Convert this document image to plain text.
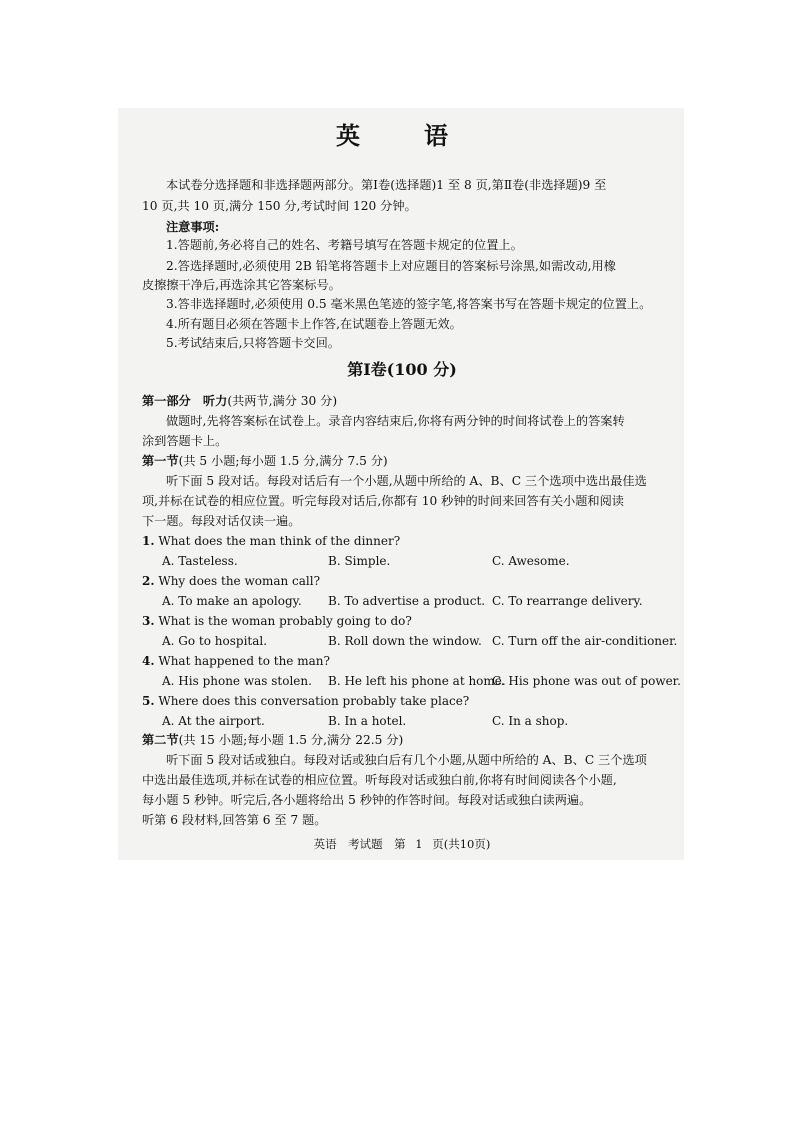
英　语
本试卷分选择题和非选择题两部分。第Ⅰ卷(选择题)1 至 8 页,第Ⅱ卷(非选择题)9 至
10 页,共 10 页,满分 150 分,考试时间 120 分钟。
注意事项:
1.答题前,务必将自己的姓名、考籍号填写在答题卡规定的位置上。
2.答选择题时,必须使用 2B 铅笔将答题卡上对应题目的答案标号涂黑,如需改动,用橡
皮擦擦干净后,再选涂其它答案标号。
3.答非选择题时,必须使用 0.5 毫米黑色笔迹的签字笔,将答案书写在答题卡规定的位置上。
4.所有题目必须在答题卡上作答,在试题卷上答题无效。
5.考试结束后,只将答题卡交回。
第Ⅰ卷(100 分)
第一部分　听力(共两节,满分 30 分)
做题时,先将答案标在试卷上。录音内容结束后,你将有两分钟的时间将试卷上的答案转
涂到答题卡上。
第一节(共 5 小题;每小题 1.5 分,满分 7.5 分)
听下面 5 段对话。每段对话后有一个小题,从题中所给的 A、B、C 三个选项中选出最佳选
项,并标在试卷的相应位置。听完每段对话后,你都有 10 秒钟的时间来回答有关小题和阅读
下一题。每段对话仅读一遍。
1. What does the man think of the dinner?
A. Tasteless.	B. Simple.	C. Awesome.
2. Why does the woman call?
A. To make an apology. B. To advertise a product. C. To rearrange delivery.
3. What is the woman probably going to do?
A. Go to hospital.	B. Roll down the window. C. Turn off the air-conditioner.
4. What happened to the man?
A. His phone was stolen. B. He left his phone at home.
C. His phone was out of power.
5. Where does this conversation probably take place?
A. At the airport.	B. In a hotel.	C. In a shop.
第二节(共 15 小题;每小题 1.5 分,满分 22.5 分)
听下面 5 段对话或独白。每段对话或独白后有几个小题,从题中所给的 A、B、C 三个选项
中选出最佳选项,并标在试卷的相应位置。听每段对话或独白前,你将有时间阅读各个小题,
每小题 5 秒钟。听完后,各小题将给出 5 秒钟的作答时间。每段对话或独白读两遍。
听第 6 段材料,回答第 6 至 7 题。
英语　考试题　第 1 页(共10页)
